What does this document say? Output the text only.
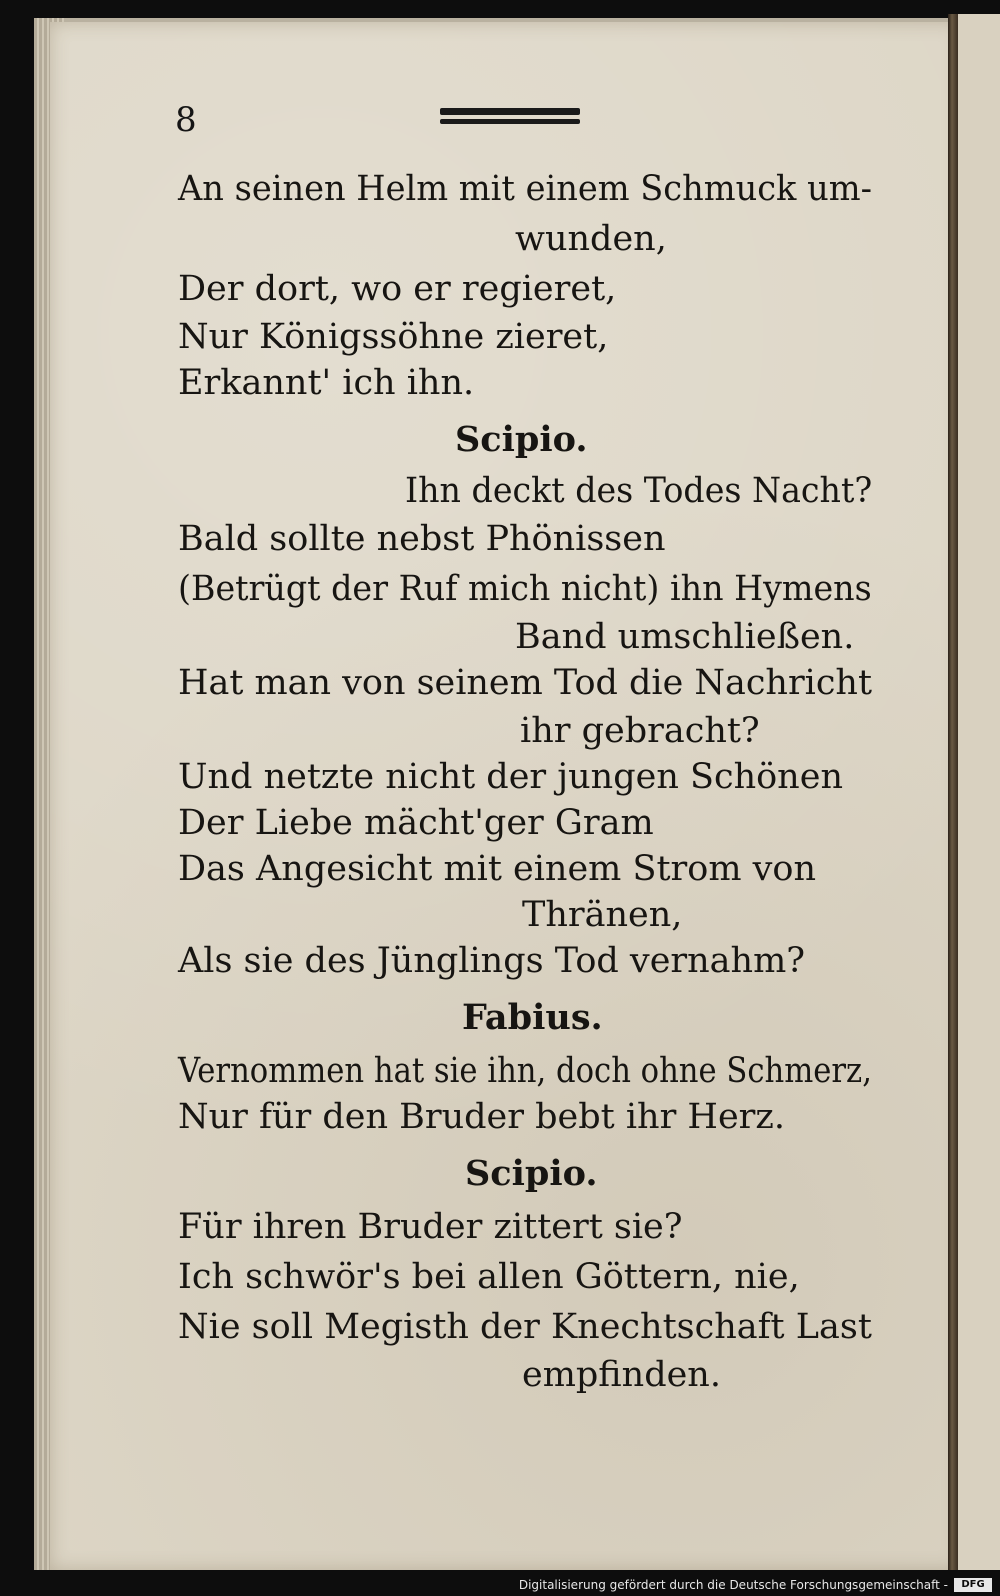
8
An seinen Helm mit einem Schmuck um-
wunden,
Der dort, wo er regieret,
Nur Königssöhne zieret,
Erkannt' ich ihn.
Scipio.
Ihn deckt des Todes Nacht?
Bald sollte nebst Phönissen
(Betrügt der Ruf mich nicht) ihn Hymens
Band umschließen.
Hat man von seinem Tod die Nachricht
ihr gebracht?
Und netzte nicht der jungen Schönen
Der Liebe mächt'ger Gram
Das Angesicht mit einem Strom von
Thränen,
Als sie des Jünglings Tod vernahm?
Fabius.
Vernommen hat sie ihn, doch ohne Schmerz,
Nur für den Bruder bebt ihr Herz.
Scipio.
Für ihren Bruder zittert sie?
Ich schwör's bei allen Göttern, nie,
Nie soll Megisth der Knechtschaft Last
empfinden.
Digitalisierung gefördert durch die Deutsche Forschungsgemeinschaft -	DFG
